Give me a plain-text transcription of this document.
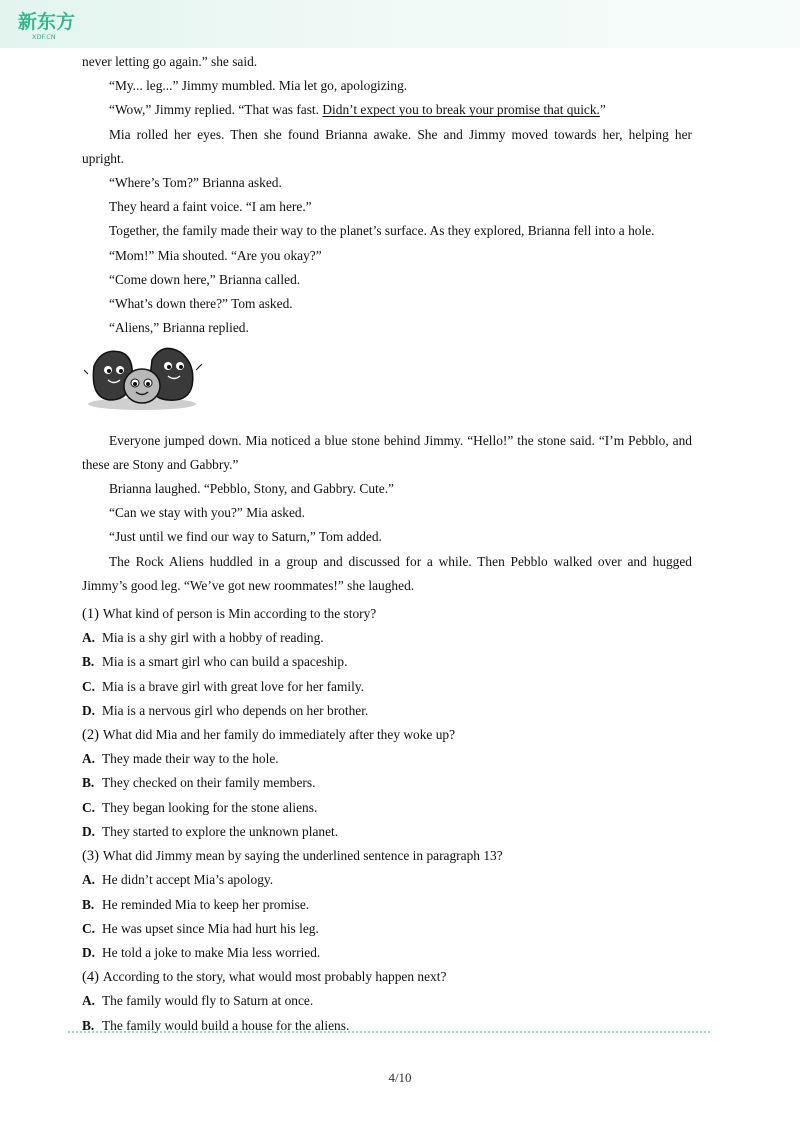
新东方
XDF.CN

never letting go again.” she said.

“My... leg...” Jimmy mumbled. Mia let go, apologizing.

“Wow,” Jimmy replied. “That was fast. Didn’t expect you to break your promise that quick.”

Mia rolled her eyes. Then she found Brianna awake. She and Jimmy moved towards her, helping her upright.

“Where’s Tom?” Brianna asked.

They heard a faint voice. “I am here.”

Together, the family made their way to the planet’s surface. As they explored, Brianna fell into a hole.

“Mom!” Mia shouted. “Are you okay?”

“Come down here,” Brianna called.

“What’s down there?” Tom asked.

“Aliens,” Brianna replied.

Everyone jumped down. Mia noticed a blue stone behind Jimmy. “Hello!” the stone said. “I’m Pebblo, and these are Stony and Gabbry.”

Brianna laughed. “Pebblo, Stony, and Gabbry. Cute.”

“Can we stay with you?” Mia asked.

“Just until we find our way to Saturn,” Tom added.

The Rock Aliens huddled in a group and discussed for a while. Then Pebblo walked over and hugged Jimmy’s good leg. “We’ve got new roommates!” she laughed.

(1) What kind of person is Min according to the story?

A. Mia is a shy girl with a hobby of reading.

B. Mia is a smart girl who can build a spaceship.

C. Mia is a brave girl with great love for her family.

D. Mia is a nervous girl who depends on her brother.

(2) What did Mia and her family do immediately after they woke up?

A. They made their way to the hole.

B. They checked on their family members.

C. They began looking for the stone aliens.

D. They started to explore the unknown planet.

(3) What did Jimmy mean by saying the underlined sentence in paragraph 13?

A. He didn’t accept Mia’s apology.

B. He reminded Mia to keep her promise.

C. He was upset since Mia had hurt his leg.

D. He told a joke to make Mia less worried.

(4) According to the story, what would most probably happen next?

A. The family would fly to Saturn at once.

B. The family would build a house for the aliens.

4/10
